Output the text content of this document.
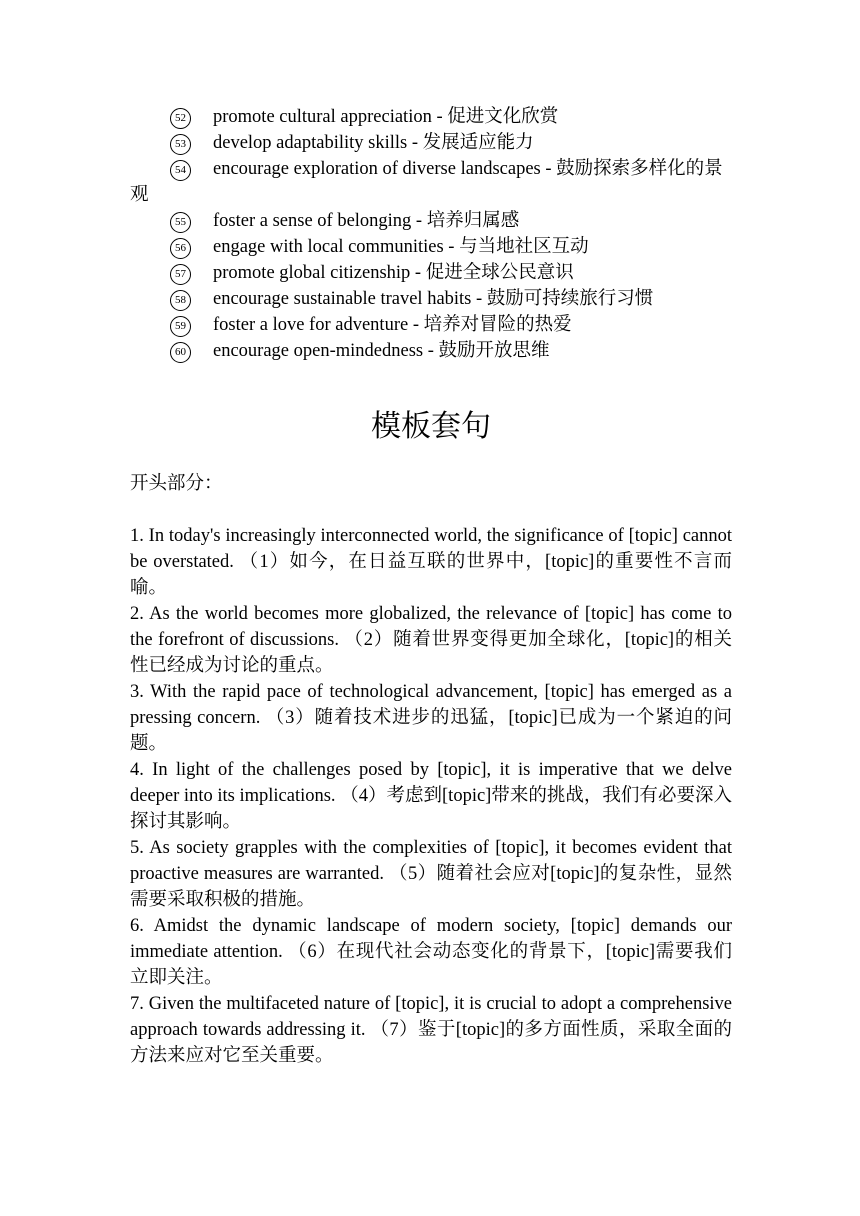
52 promote cultural appreciation - 促进文化欣赏
53 develop adaptability skills - 发展适应能力
54 encourage exploration of diverse landscapes - 鼓励探索多样化的景观
55 foster a sense of belonging - 培养归属感
56 engage with local communities - 与当地社区互动
57 promote global citizenship - 促进全球公民意识
58 encourage sustainable travel habits - 鼓励可持续旅行习惯
59 foster a love for adventure - 培养对冒险的热爱
60 encourage open-mindedness - 鼓励开放思维
模板套句
开头部分：
1. In today's increasingly interconnected world, the significance of [topic] cannot be overstated. （1）如今，在日益互联的世界中，[topic]的重要性不言而喻。
2. As the world becomes more globalized, the relevance of [topic] has come to the forefront of discussions. （2）随着世界变得更加全球化，[topic]的相关性已经成为讨论的重点。
3. With the rapid pace of technological advancement, [topic] has emerged as a pressing concern. （3）随着技术进步的迅猛，[topic]已成为一个紧迫的问题。
4. In light of the challenges posed by [topic], it is imperative that we delve deeper into its implications. （4）考虑到[topic]带来的挑战，我们有必要深入探讨其影响。
5. As society grapples with the complexities of [topic], it becomes evident that proactive measures are warranted. （5）随着社会应对[topic]的复杂性，显然需要采取积极的措施。
6. Amidst the dynamic landscape of modern society, [topic] demands our immediate attention. （6）在现代社会动态变化的背景下，[topic]需要我们立即关注。
7. Given the multifaceted nature of [topic], it is crucial to adopt a comprehensive approach towards addressing it. （7）鉴于[topic]的多方面性质，采取全面的方法来应对它至关重要。
